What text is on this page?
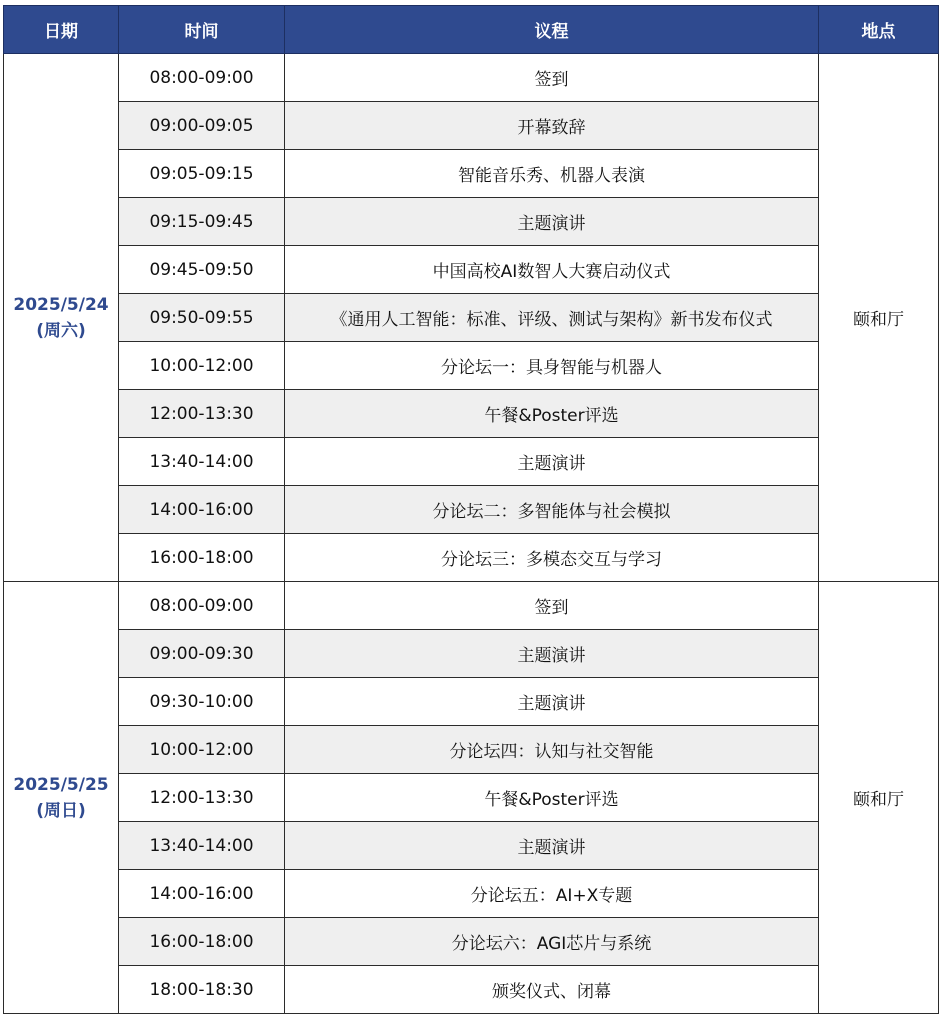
日期	时间	议程	地点

2025/5/24
(周六)	08:00-09:00	签到	颐和厅
	09:00-09:05	开幕致辞	
	09:05-09:15	智能音乐秀、机器人表演	
	09:15-09:45	主题演讲	
	09:45-09:50	中国高校AI数智人大赛启动仪式	
	09:50-09:55	《通用人工智能：标准、评级、测试与架构》新书发布仪式	
	10:00-12:00	分论坛一：具身智能与机器人	
	12:00-13:30	午餐&Poster评选	
	13:40-14:00	主题演讲	
	14:00-16:00	分论坛二：多智能体与社会模拟	
	16:00-18:00	分论坛三：多模态交互与学习	

2025/5/25
(周日)	08:00-09:00	签到	颐和厅
	09:00-09:30	主题演讲	
	09:30-10:00	主题演讲	
	10:00-12:00	分论坛四：认知与社交智能	
	12:00-13:30	午餐&Poster评选	
	13:40-14:00	主题演讲	
	14:00-16:00	分论坛五：AI+X专题	
	16:00-18:00	分论坛六：AGI芯片与系统	
	18:00-18:30	颁奖仪式、闭幕	
